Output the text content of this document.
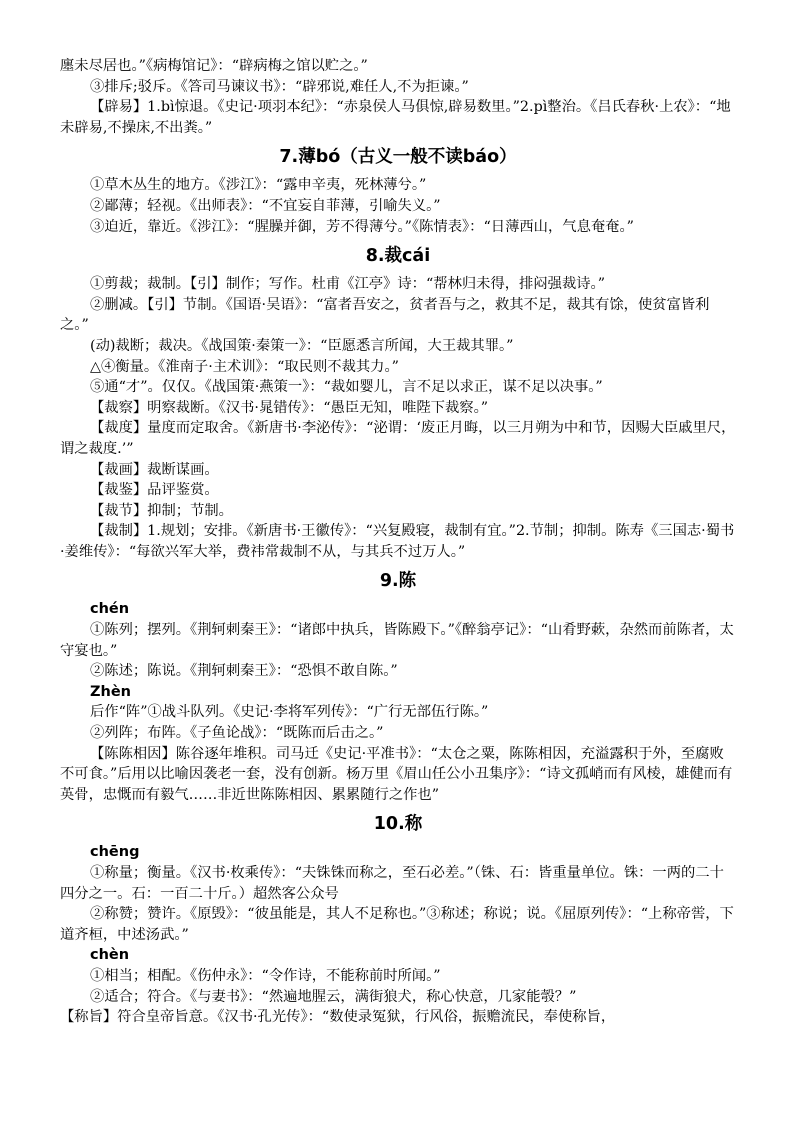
廛未尽居也。”《病梅馆记》：“辟病梅之馆以贮之。”

③排斥;驳斥。《答司马谏议书》：“辟邪说,难任人,不为拒谏。”

【辟易】1.bì惊退。《史记·项羽本纪》：“赤泉侯人马俱惊,辟易数里。”2.pì整治。《吕氏春秋·上农》：“地未辟易,不操床,不出粪。”

7.薄bó（古义一般不读báo）

①草木丛生的地方。《涉江》：“露申辛夷，死林薄兮。”

②鄙薄；轻视。《出师表》：“不宜妄自菲薄，引喻失义。”

③迫近，靠近。《涉江》：“腥臊并御，芳不得薄兮。”《陈情表》：“日薄西山，气息奄奄。”

8.裁cái

①剪裁；裁制。【引】制作；写作。杜甫《江亭》诗：“帮林归未得，排闷强裁诗。”

②删减。【引】节制。《国语·吴语》：“富者吾安之，贫者吾与之，救其不足，裁其有馀，使贫富皆利之。”

(动)裁断；裁决。《战国策·秦策一》：“臣愿悉言所闻，大王裁其罪。”

△④衡量。《淮南子·主术训》：“取民则不裁其力。”

⑤通“才”。仅仅。《战国策·燕策一》：“裁如婴儿，言不足以求正，谋不足以决事。”

【裁察】明察裁断。《汉书·晁错传》：“愚臣无知，唯陛下裁察。”

【裁度】量度而定取舍。《新唐书·李泌传》：“泌谓：‘废正月晦，以三月朔为中和节，因赐大臣戚里尺，谓之裁度.’”

【裁画】裁断谋画。

【裁鉴】品评鉴赏。

【裁节】抑制；节制。

【裁制】1.规划；安排。《新唐书·王徽传》：“兴复殿寝，裁制有宜。”2.节制；抑制。陈寿《三国志·蜀书·姜维传》：“每欲兴军大举，费祎常裁制不从，与其兵不过万人。”

9.陈

chén

①陈列；摆列。《荆轲刺秦王》：“诸郎中执兵，皆陈殿下。”《醉翁亭记》：“山肴野蔌，杂然而前陈者，太守宴也。”

②陈述；陈说。《荆轲刺秦王》：“恐惧不敢自陈。”

Zhèn

后作“阵”①战斗队列。《史记·李将军列传》：“广行无部伍行陈。”

②列阵；布阵。《子鱼论战》：“既陈而后击之。”

【陈陈相因】陈谷逐年堆积。司马迁《史记·平准书》：“太仓之粟，陈陈相因，充溢露积于外，至腐败不可食。”后用以比喻因袭老一套，没有创新。杨万里《眉山任公小丑集序》：“诗文孤峭而有风棱，雄健而有英骨，忠慨而有毅气……非近世陈陈相因、累累随行之作也”

10.称

chēng

①称量；衡量。《汉书·枚乘传》：“夫铢铢而称之，至石必差。”（铢、石：皆重量单位。铢：一两的二十四分之一。石：一百二十斤。）超然客公众号

②称赞；赞许。《原毁》：“彼虽能是，其人不足称也。”③称述；称说；说。《屈原列传》：“上称帝喾，下道齐桓，中述汤武。”

chèn

①相当；相配。《伤仲永》：“令作诗，不能称前时所闻。”

②适合；符合。《与妻书》：“然遍地腥云，满街狼犬，称心快意，几家能彀？”

【称旨】符合皇帝旨意。《汉书·孔光传》：“数使录冤狱，行风俗，振赡流民，奉使称旨，
